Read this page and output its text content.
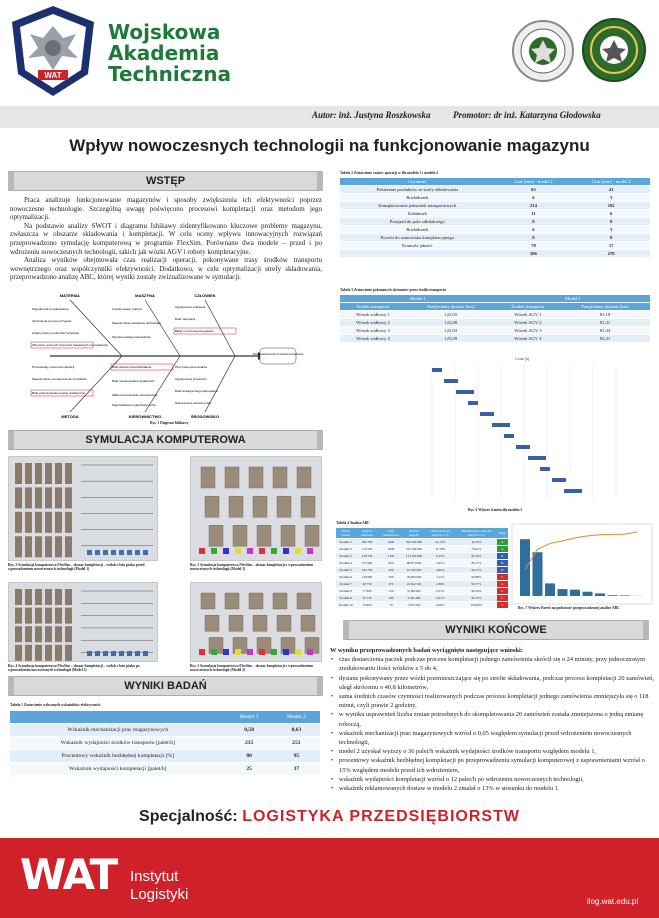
WAT
Wojskowa
Akademia
Techniczna
Autor: inż. Justyna Roszkowska Promotor: dr inż. Katarzyna Głodowska
Wpływ nowoczesnych technologii na funkcjonowanie magazynu
WSTĘP

Praca analizuje funkcjonowanie magazynów i sposoby zwiększenia ich efektywności poprzez nowoczesne technologie. Szczególną uwagę poświęcono procesowi kompletacji oraz metodom jego optymalizacji.

Na podstawie analizy SWOT i diagramu Ishikawy zidentyfikowano kluczowe problemy magazynu, zwłaszcza w obszarze składowania i kompletacji. W celu oceny wpływu innowacyjnych rozwiązań przeprowadzono symulację komputerową w programie FlexSim. Porównano dwa modele – przed i po wdrożeniu nowoczesnych technologii, takich jak wózki AGV i roboty kompletacyjne.

Analiza wyników obejmowała czas realizacji operacji, pokonywane trasy środków transportu wewnętrznego oraz współczynniki efektywności. Dodatkowo, w celu optymalizacji strefy składowania, przeprowadzono analizę ABC, której wyniki zostały zwizualizowane w symulacji.

MATERIAŁ	MASZYNA	CZŁOWIEK
METODA	KIEROWNICTWO	ŚRODOWISKO
Niejednorodne opakowania
Opóźnienia procesu przyjęcia
Zmiany ilości w pobrania zamówień
Zbyt dużo ręcznych czynności związanych z kompletacją
Częste awarie maszyn
Nieoptymalne ustawienie technologii
Wysoka rotacja pracowników
Ograniczone szkolenia
Brak motywacji
Błędy w procesie kompletacji
Przestarzały proces kompletacji
Nieoptymalne rozmieszczenie produktów
Brak wykorzystania metody analitycznej
Brak planów przeciwdziałania
Brak monitorowania wydajności
Słabe kontrolowanie kierownictwa
Zbyt intensywna analiza
Ograniczona przestrzeń
Brak strategicznego planowania
Niekorzystne warunki pracy
Nieprawidłowa organizacja ruchu
Niska efektywność procesów kompletacji
Rys. 1 Diagram Ishikawy
SYMULACJA KOMPUTEROWA
Rys. 2 Symulacja komputerowa FlexSim – obszar kompletacji – widok z lotu ptaka przed wprowadzeniem nowoczesnych technologii (Model 1)
Rys. 3 Symulacja komputerowa FlexSim – obszar kompletacji z wprowadzeniem nowoczesnych technologii (Model 2)
Rys. 4 Symulacja komputerowa FlexSim – obszar kompletacji – widok z lotu ptaka po wprowadzeniu nowoczesnych technologii (Model 2)
Rys. 5 Symulacja komputerowa FlexSim – obszar kompletacji z wprowadzeniem nowoczesnych technologii (Model 2)
WYNIKI BADAŃ
Tabela 1 Zestawienie wybranych wskaźników efektywności
	Model 1	Model 2
Wskaźnik mechanizacji prac magazynowych	0,58	0,63
Wskaźnik wydajności środków transportu [palet/h]	215	251
Procentowy wskaźnik bezbłędnej kompletacji [%]	80	95
Wskaźnik wydajności kompletacji [palet/h]	25	37
Tabela 2 Zestawienie czasów operacji w dla modelu 1 i modelu 2
Czynność	Czas [min] - model 1	Czas [min] - model 2
Pobieranie produktów ze strefy składowania	65	41
Rozładunek	6	3
Kompletowanie jednostek transportowych	214	192
Załadunek	11	6
Przejazd do pola odkładczego	8	8
Rozładunek	6	3
Powrót do stanowiska kompletacyjnego	8	8
Kontrola jakości	78	17
	396	278
Tabela 3 Zestawienie pokonanych dystansów przez środki transportu
Model 1		Model 2	
Środek transportu	Przejechany dystans [km]	Środek transportu	Przejechany dystans [km]
Wózek widłowy 1	122,05	Wózek AGV 1	81,19
Wózek widłowy 2	122,08	Wózek AGV 2	81,31
Wózek widłowy 3	122,03	Wózek AGV 3	81,33
Wózek widłowy 4	123,09	Wózek AGV 4	82,31
Czas [s]
Rys. 6 Wykres Gantta dla modelu 2
Tabela 4 Analiza ABC
Nazwa towaru	Zużycie ilościowe	Cena jednostkowa	Wartość zużycia	Udział wartości zużycia w %	Skumulowany wartości zużycia w %	Klasa
Produkt 1	392 700	1000	392 500 000	41,23%	41,23%	A
Produkt 2	176 250	2000	352 500 000	31,78%	73,01%	A
Produkt 3	128 750	1200	154 500 000	9,15%	82,16%	B
Produkt 4	117 900	600	88 875 000	5,01%	86,17%	B
Produkt 5	182 700	500	91 350 000	4,60%	90,77%	B
Produkt 6	130 000	300	39 000 000	3,11%	93,88%	C
Produkt 7	90 750	270	24 502 500	1,89%	95,77%	C
Produkt 8	77 900	120	9 348 000	0,57%	96,34%	C
Produkt 9	35 736	180	6 432 480	0,41%	96,75%	C
Produkt 10	72 900	70	5 075 000	0,09%	100,00%	C
Rys. 7 Wykres Pareto na podstawie przeprowadzonej analizy ABC
WYNIKI KOŃCOWE
W wyniku przeprowadzonych badań wyciągnięto następujące wnioski:
• czas dostarczenia paczek podczas procesu kompletacji jednego zamówienia skrócił się o 24 minuty, przy jednoczesnym zredukowaniu ilości wózków z 5 do 4,
• dystans pokonywany przez wózki przemieszczające się po strefie składowania, podczas procesu kompletacji 20 zamówień, uległ skróceniu o 40,8 kilometrów,
• suma średnich czasów czynności realizowanych podczas procesu kompletacji jednego zamówienia zmniejszyła się o 118 minut, czyli prawie 2 godziny,
• w wyniku usprawnień liczba zmian potrzebnych do skompletowania 20 zamówień została zmniejszona o jedną zmianę roboczą,
• wskaźnik mechanizacji prac magazynowych wzrósł o 0,05 względem symulacji przed wdrożeniem nowoczesnych technologii,
• model 2 uzyskał wyższy o 36 palet/h wskaźnik wydajności środków transportu względem modelu 1,
• procentowy wskaźnik bezbłędnej kompletacji po przeprowadzeniu symulacji komputerowej z usprawnieniami wzrósł o 15% względem modelu przed ich wdrożeniem,
• wskaźnik wydajności kompletacji wzrósł o 12 palet/h po wdrożeniu nowoczesnych technologii,
• wskaźnik reklamowanych dostaw w modelu 2 zmalał o 13% w stosunku do modelu 1.
Specjalność: LOGISTYKA PRZEDSIĘBIORSTW
WAT Instytut
Logistyki	ilog.wat.edu.pl
